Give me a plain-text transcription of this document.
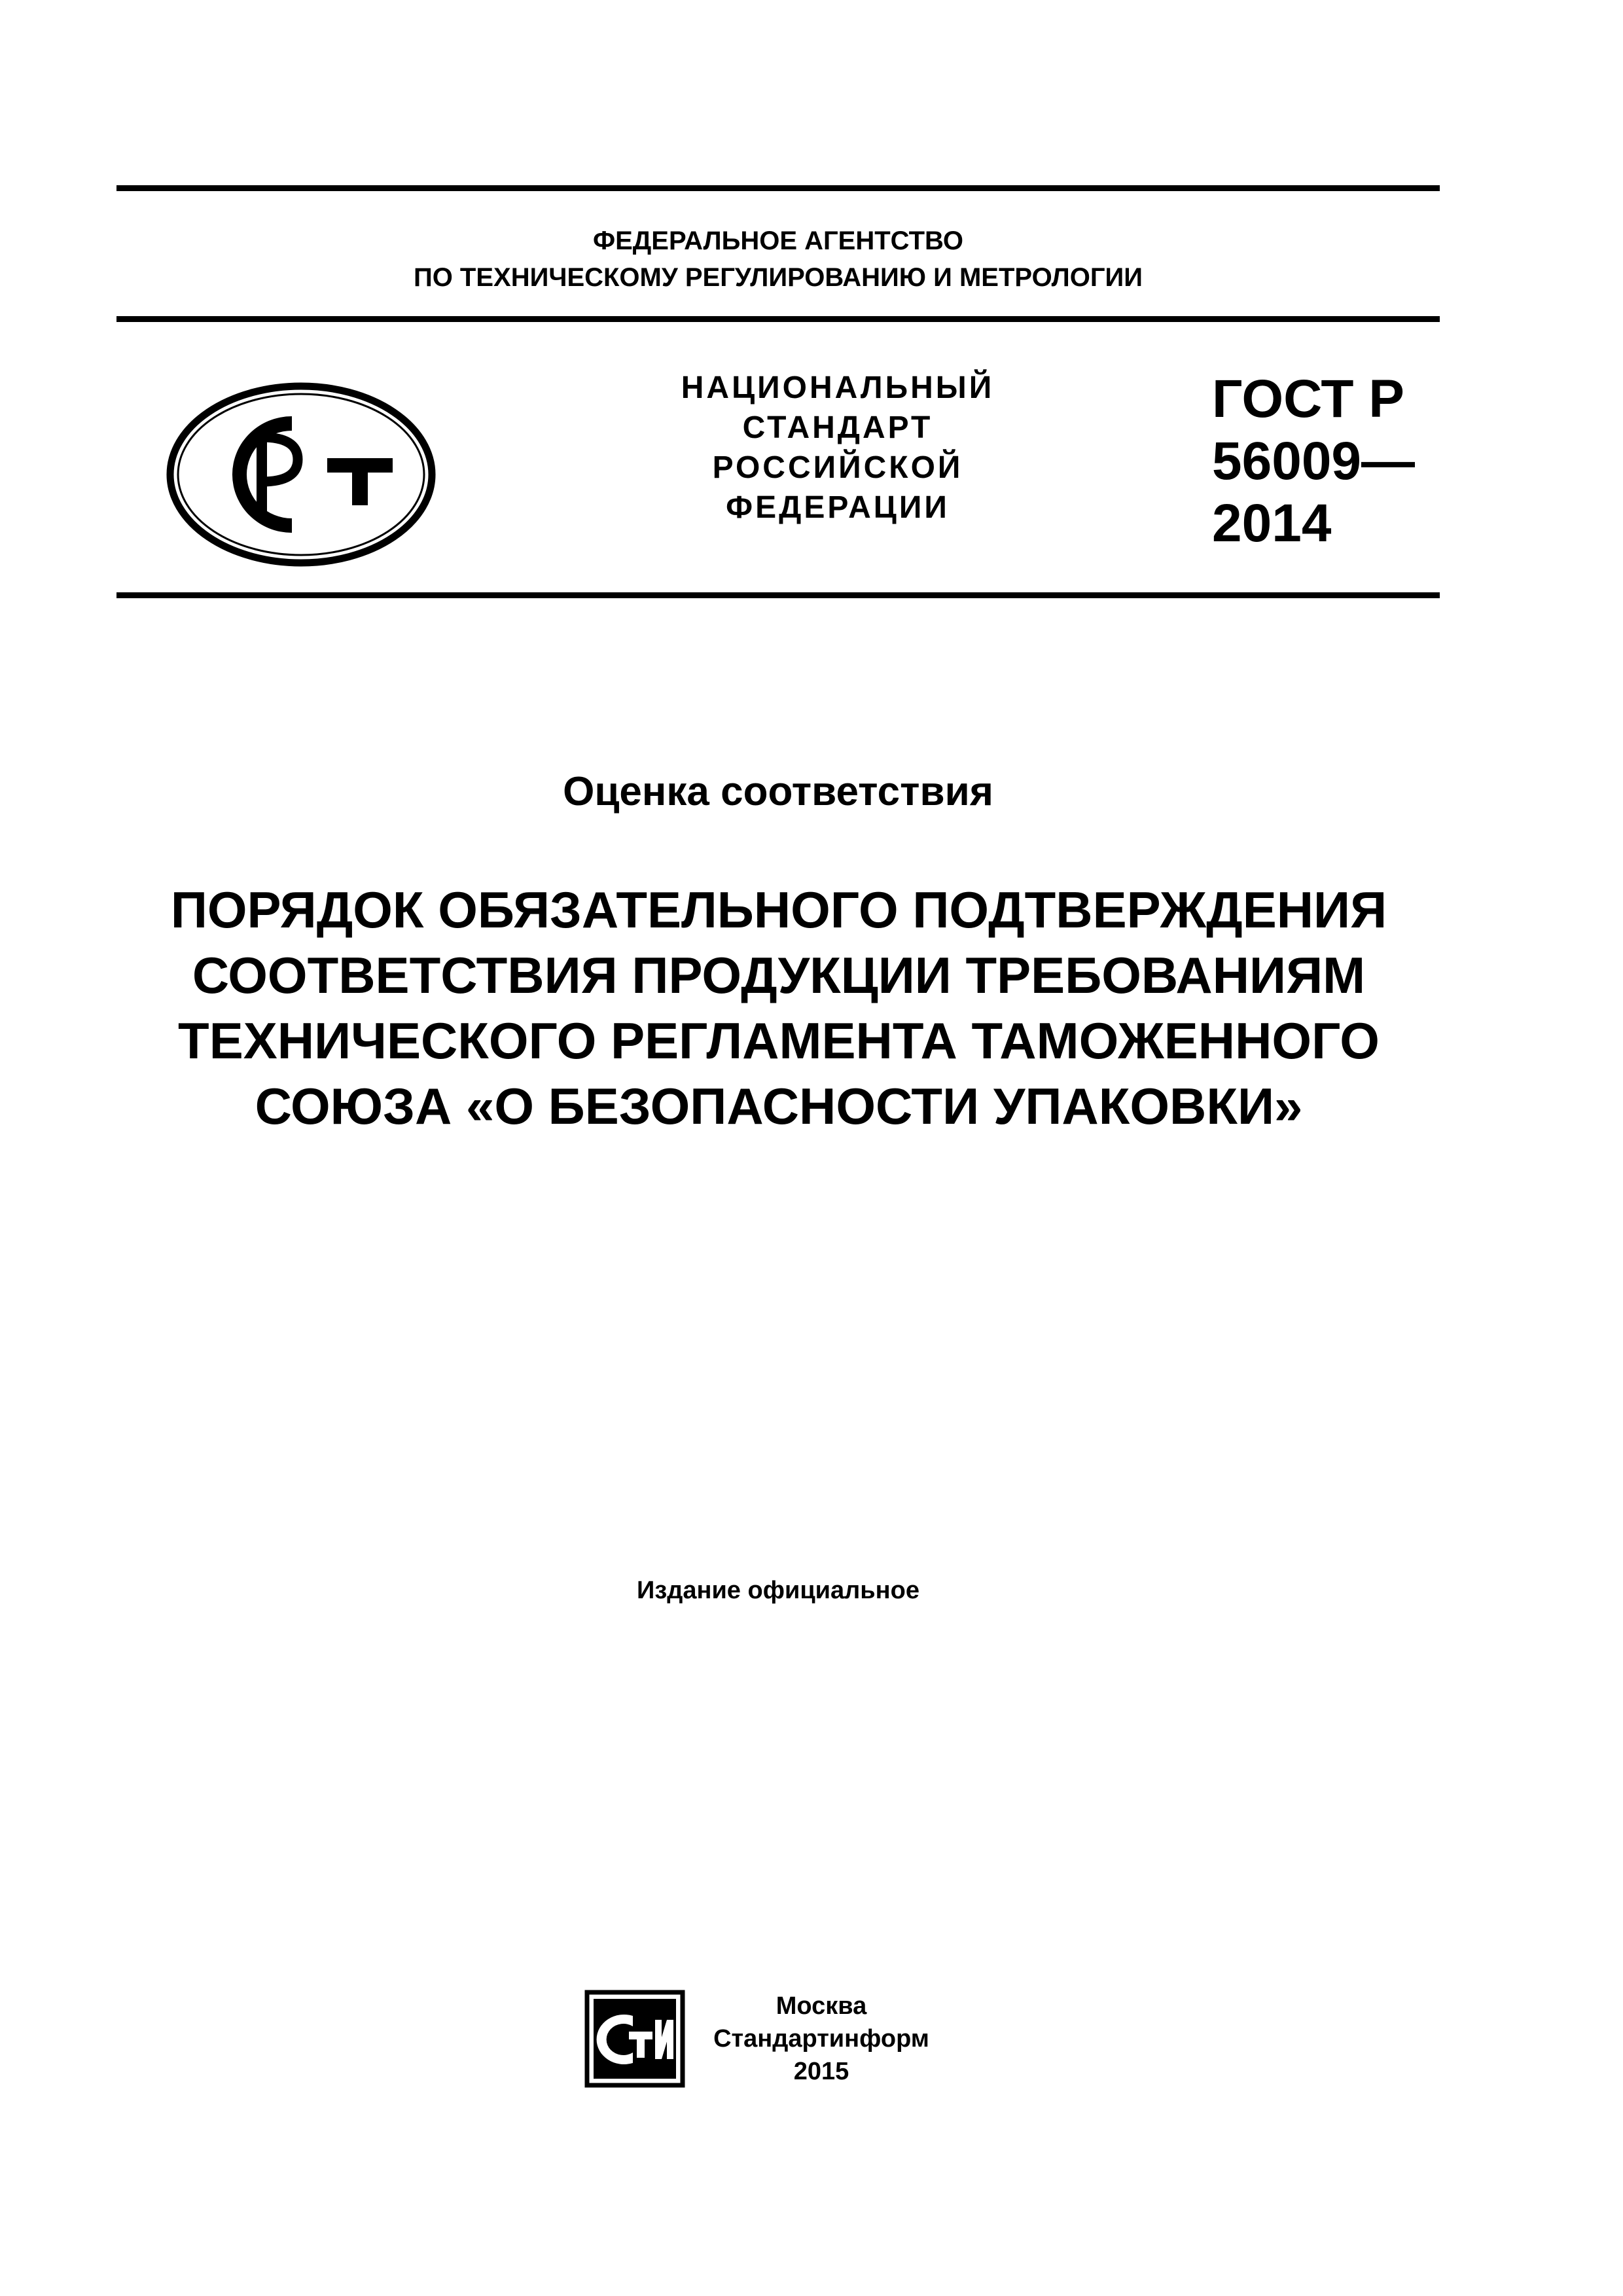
ФЕДЕРАЛЬНОЕ АГЕНТСТВО
ПО ТЕХНИЧЕСКОМУ РЕГУЛИРОВАНИЮ И МЕТРОЛОГИИ
НАЦИОНАЛЬНЫЙ
СТАНДАРТ
РОССИЙСКОЙ
ФЕДЕРАЦИИ
ГОСТ Р
56009—
2014
Оценка соответствия
ПОРЯДОК ОБЯЗАТЕЛЬНОГО ПОДТВЕРЖДЕНИЯ
СООТВЕТСТВИЯ ПРОДУКЦИИ ТРЕБОВАНИЯМ
ТЕХНИЧЕСКОГО РЕГЛАМЕНТА ТАМОЖЕННОГО
СОЮЗА «О БЕЗОПАСНОСТИ УПАКОВКИ»
Издание официальное
Москва
Стандартинформ
2015
